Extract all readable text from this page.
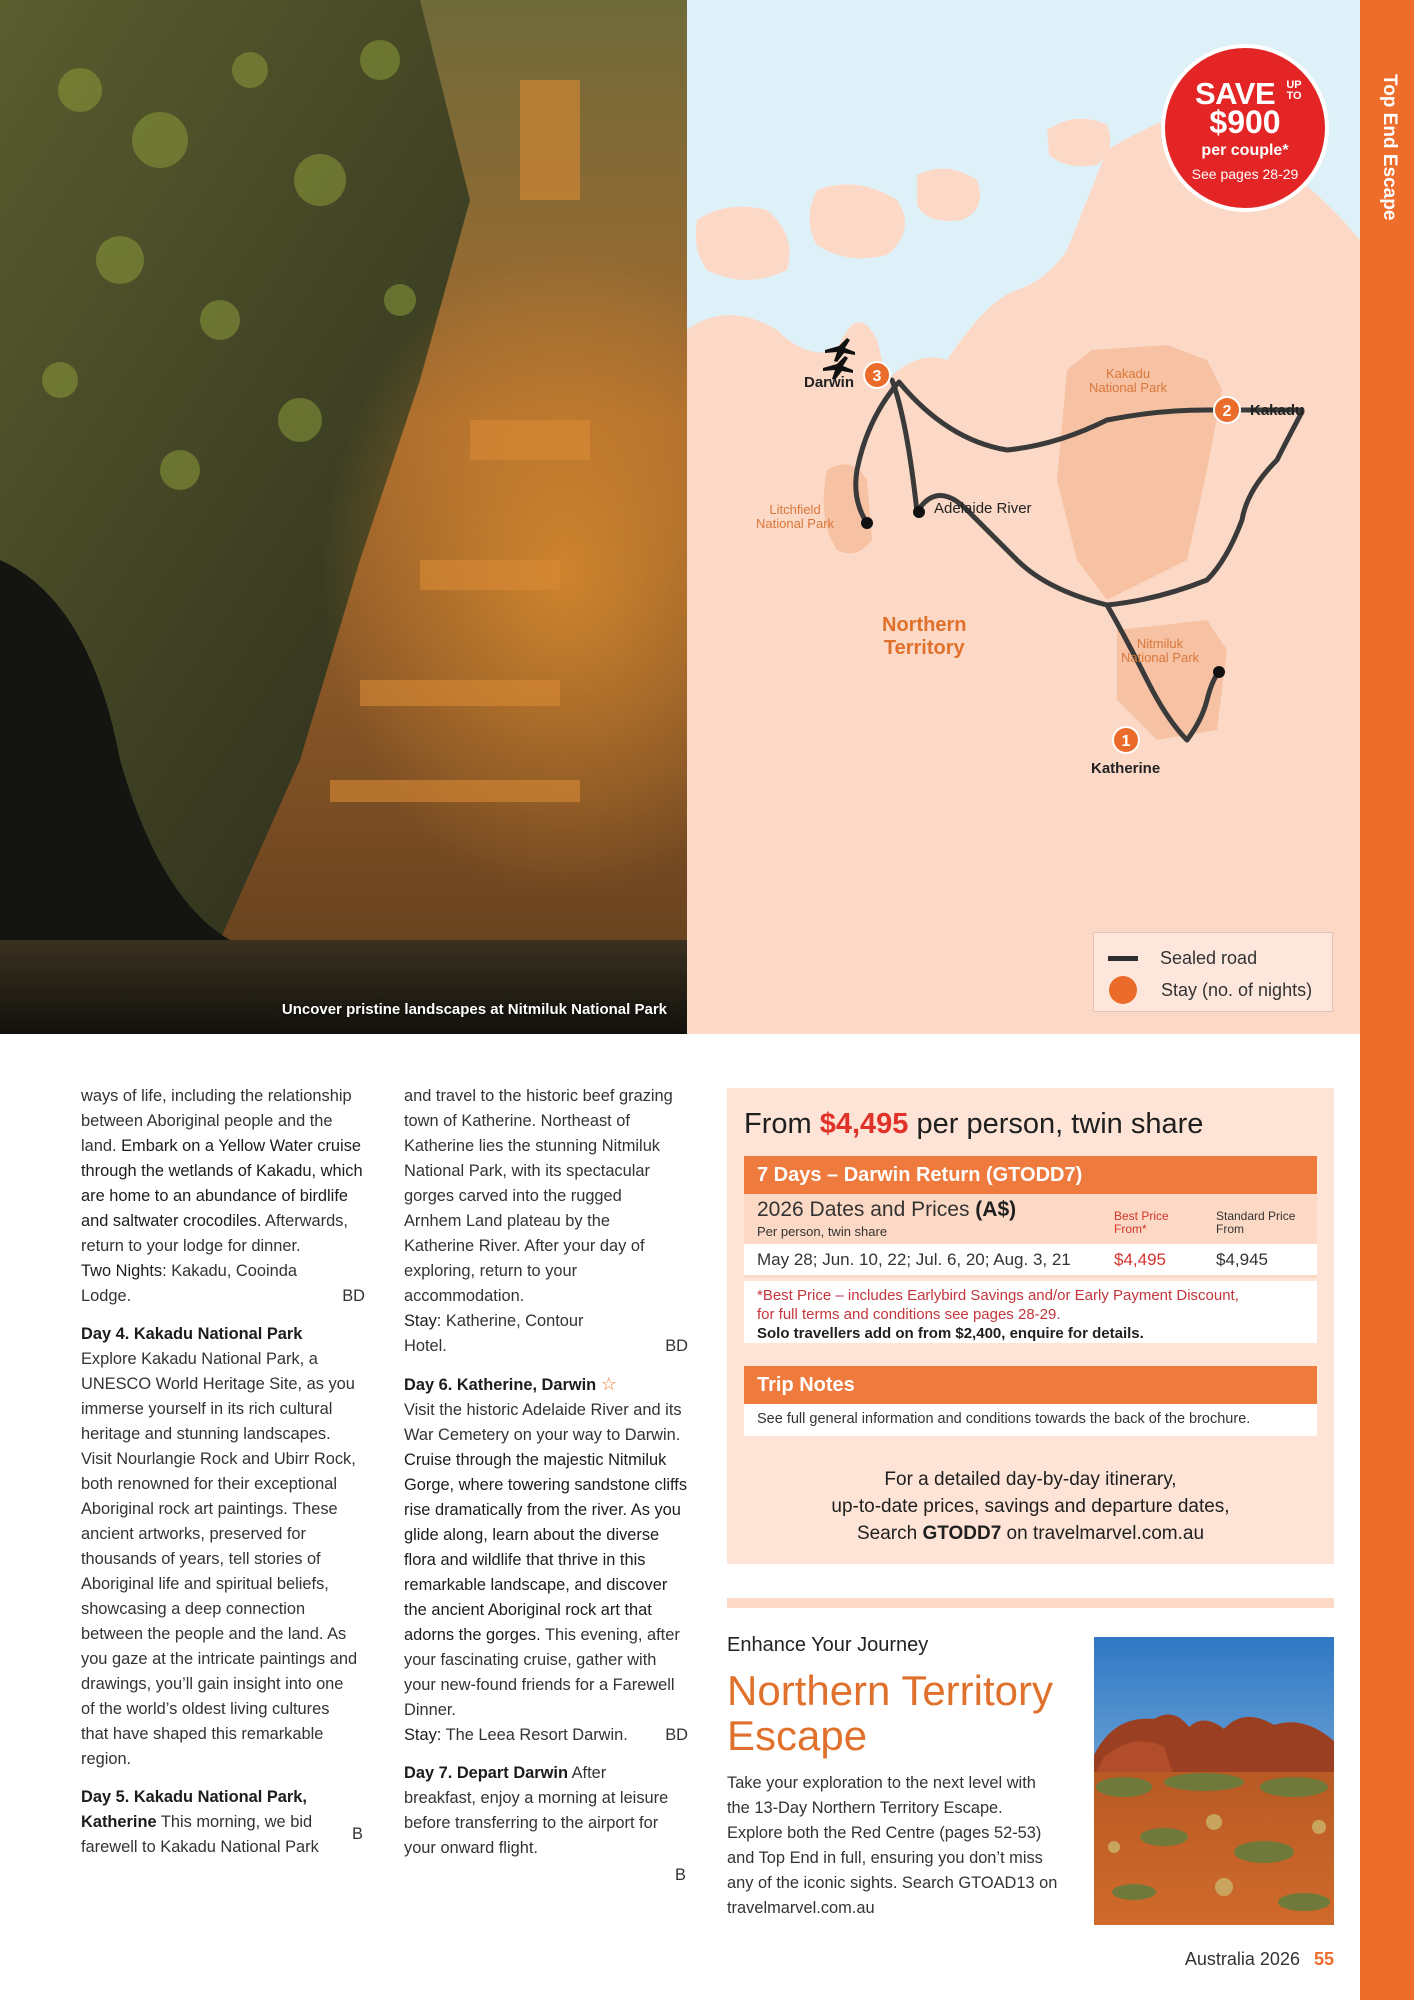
Uncover pristine landscapes at Nitmiluk National Park
Darwin	3
Kakadu
2
Adelaide River
Katherine
1
Kakadu
National Park
Litchfield
National Park
Nitmiluk
National Park
Northern
Territory
SAVE	UP TO
$900
per couple*
See pages 28-29
Sealed road
Stay (no. of nights)
Top End Escape

ways of life, including the relationship between Aboriginal people and the land. Embark on a Yellow Water cruise through the wetlands of Kakadu, which are home to an abundance of birdlife and saltwater crocodiles. Afterwards, return to your lodge for dinner.

Two Nights: Kakadu, Cooinda Lodge.	BD

Day 4. Kakadu National Park

Explore Kakadu National Park, a UNESCO World Heritage Site, as you immerse yourself in its rich cultural heritage and stunning landscapes. Visit Nourlangie Rock and Ubirr Rock, both renowned for their exceptional Aboriginal rock art paintings. These ancient artworks, preserved for thousands of years, tell stories of Aboriginal life and spiritual beliefs, showcasing a deep connection between the people and the land. As you gaze at the intricate paintings and drawings, you’ll gain insight into one of the world’s oldest living cultures that have shaped this remarkable region.

B

Day 5. Kakadu National Park, Katherine This morning, we bid farewell to Kakadu National Park

and travel to the historic beef grazing town of Katherine. Northeast of Katherine lies the stunning Nitmiluk National Park, with its spectacular gorges carved into the rugged Arnhem Land plateau by the Katherine River. After your day of exploring, return to your accommodation.

Stay: Katherine, Contour Hotel.	BD

Day 6. Katherine, Darwin ☆

Visit the historic Adelaide River and its War Cemetery on your way to Darwin. Cruise through the majestic Nitmiluk Gorge, where towering sandstone cliffs rise dramatically from the river. As you glide along, learn about the diverse flora and wildlife that thrive in this remarkable landscape, and discover the ancient Aboriginal rock art that adorns the gorges. This evening, after your fascinating cruise, gather with your new-found friends for a Farewell Dinner.

Stay: The Leea Resort Darwin. BD

Day 7. Depart Darwin After breakfast, enjoy a morning at leisure before transferring to the airport for your onward flight.

B

From $4,495 per person, twin share
7 Days – Darwin Return (GTODD7)
2026 Dates and Prices (A$)
Per person, twin share
Best Price
From*
Standard Price
From
May 28; Jun. 10, 22; Jul. 6, 20; Aug. 3, 21	$4,495	$4,945
*Best Price – includes Earlybird Savings and/or Early Payment Discount,
for full terms and conditions see pages 28-29.
Solo travellers add on from $2,400, enquire for details.
Trip Notes
See full general information and conditions towards the back of the brochure.
For a detailed day-by-day itinerary,
up-to-date prices, savings and departure dates,
Search GTODD7 on travelmarvel.com.au
Enhance Your Journey
Northern Territory Escape
Take your exploration to the next level with the 13-Day Northern Territory Escape. Explore both the Red Centre (pages 52-53) and Top End in full, ensuring you don’t miss any of the iconic sights. Search GTOAD13 on travelmarvel.com.au
Australia 2026 55
